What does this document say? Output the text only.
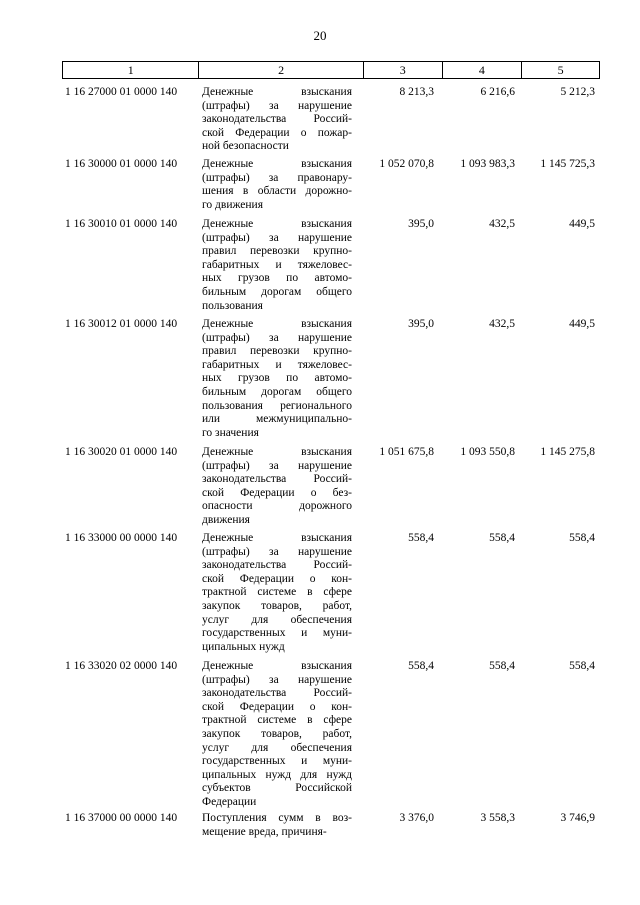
20
1	2	3	4	5
1 16 27000 01 0000 140	Денежные взыскания
(штрафы) за нарушение
законодательства Россий-
ской Федерации о пожар-
ной безопасности
8 213,3	6 216,6	5 212,3
1 16 30000 01 0000 140	Денежные взыскания
(штрафы) за правонару-
шения в области дорожно-
го движения
1 052 070,8	1 093 983,3	1 145 725,3
1 16 30010 01 0000 140	Денежные взыскания
(штрафы) за нарушение
правил перевозки крупно-
габаритных и тяжеловес-
ных грузов по автомо-
бильным дорогам общего
пользования
395,0	432,5	449,5
1 16 30012 01 0000 140	Денежные взыскания
(штрафы) за нарушение
правил перевозки крупно-
габаритных и тяжеловес-
ных грузов по автомо-
бильным дорогам общего
пользования регионального
или межмуниципально-
го значения
395,0	432,5	449,5
1 16 30020 01 0000 140	Денежные взыскания
(штрафы) за нарушение
законодательства Россий-
ской Федерации о без-
опасности дорожного
движения
1 051 675,8	1 093 550,8	1 145 275,8
1 16 33000 00 0000 140	Денежные взыскания
(штрафы) за нарушение
законодательства Россий-
ской Федерации о кон-
трактной системе в сфере
закупок товаров, работ,
услуг для обеспечения
государственных и муни-
ципальных нужд
558,4	558,4	558,4
1 16 33020 02 0000 140	Денежные взыскания
(штрафы) за нарушение
законодательства Россий-
ской Федерации о кон-
трактной системе в сфере
закупок товаров, работ,
услуг для обеспечения
государственных и муни-
ципальных нужд для нужд
субъектов Российской
Федерации
558,4	558,4	558,4
1 16 37000 00 0000 140	Поступления сумм в воз-
мещение вреда, причиня-
3 376,0	3 558,3	3 746,9
